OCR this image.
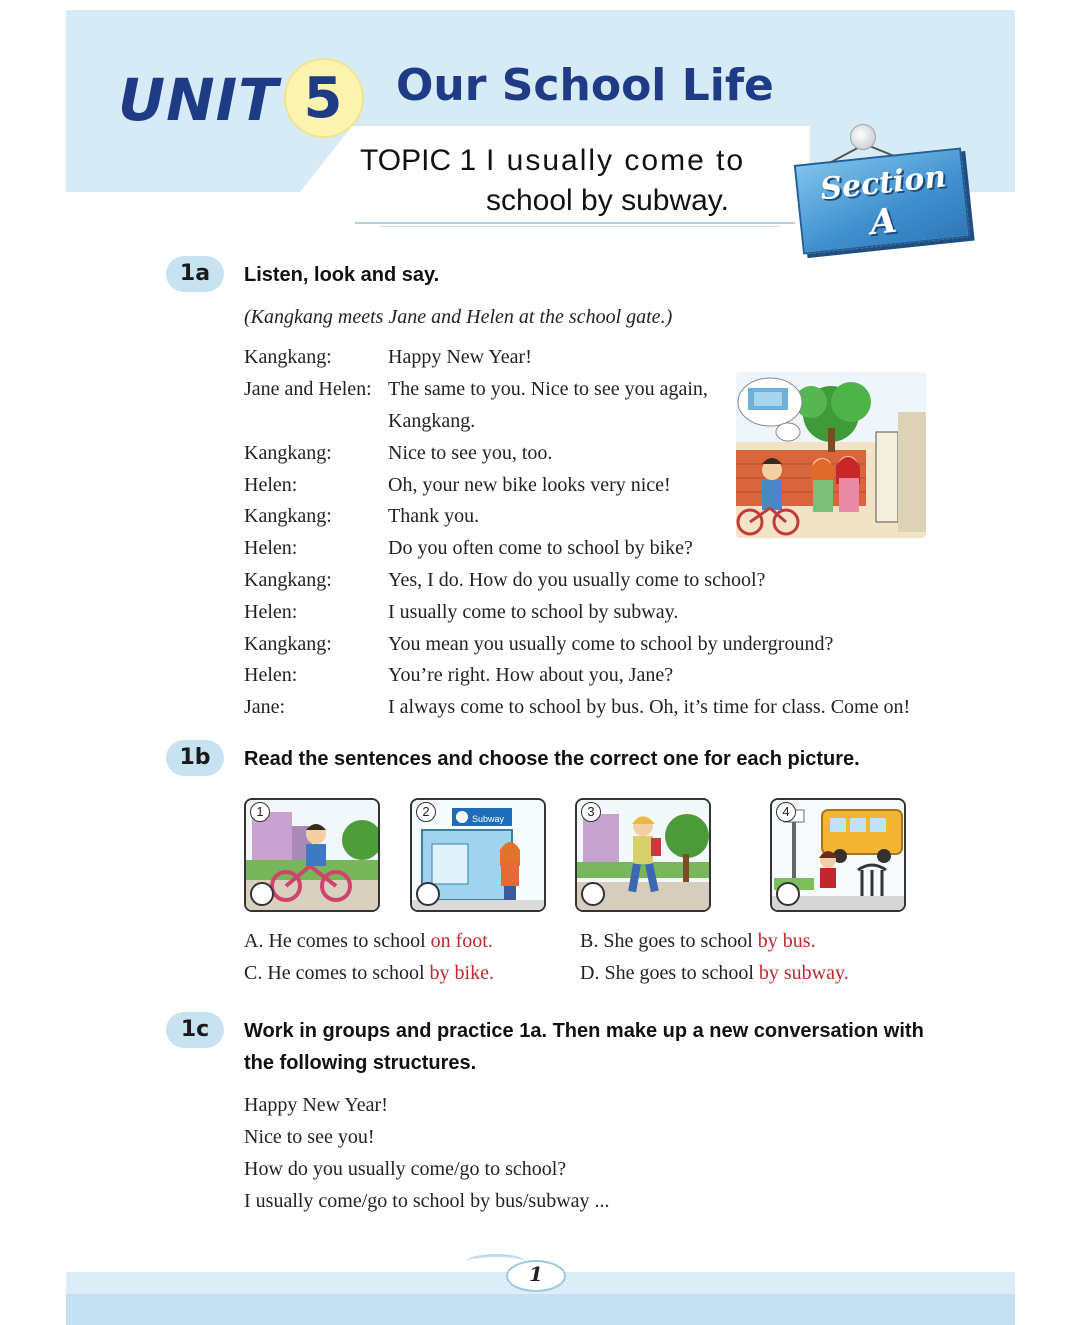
UNIT 5 Our School Life
TOPIC 1 I usually come to
school by subway.	Section
A
1a	Listen, look and say.
(Kangkang meets Jane and Helen at the school gate.)
Kangkang:	Happy New Year!
Jane and Helen: The same to you. Nice to see you again,
Kangkang.
Kangkang:	Nice to see you, too.
Helen:	Oh, your new bike looks very nice!
Kangkang:	Thank you.
Helen:	Do you often come to school by bike?
Kangkang:	Yes, I do. How do you usually come to school?
Helen:	I usually come to school by subway.
Kangkang:	You mean you usually come to school by underground?
Helen:	You’re right. How about you, Jane?
Jane:	I always come to school by bus. Oh, it’s time for class. Come on!
1b	Read the sentences and choose the correct one for each picture.
1	Subway
2	3	4
A. He comes to school on foot.	B. She goes to school by bus.
C. He comes to school by bike.	D. She goes to school by subway.
1c	Work in groups and practice 1a. Then make up a new conversation with
the following structures.
Happy New Year!
Nice to see you!
How do you usually come/go to school?
I usually come/go to school by bus/subway ...
1
